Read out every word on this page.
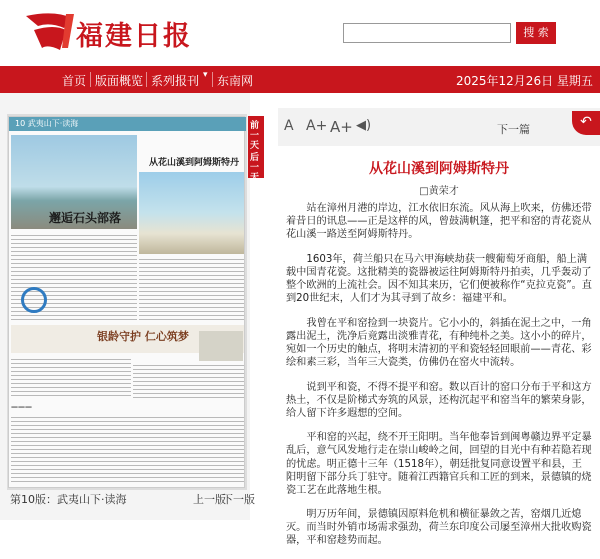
福建日报	搜 索
首页 版面概览 系列报刊 ▾ 东南网	2025年12月26日 星期五
10 武夷山下·读海
邂逅石头部落
从花山溪到阿姆斯特丹
银龄守护 仁心筑梦
———
前
一
天
后
一
天
第10版：武夷山下·读海	上一版
下一版
A A+ A+ ◀)	下一篇	↶
从花山溪到阿姆斯特丹
□黄荣才

站在漳州月港的岸边，江水依旧东流。风从海上吹来，仿佛还带着昔日的讯息——正是这样的风，曾鼓满帆篷，把平和窑的青花瓷从花山溪一路送至阿姆斯特丹。

1603年，荷兰船只在马六甲海峡劫获一艘葡萄牙商船，船上满载中国青花瓷。这批精美的瓷器被运往阿姆斯特丹拍卖，几乎轰动了整个欧洲的上流社会。因不知其来历，它们便被称作“克拉克瓷”。直到20世纪末，人们才为其寻到了故乡：福建平和。

我曾在平和窑捡到一块瓷片。它小小的，斜插在泥土之中，一角露出泥土，洗净后竟露出淡雅青花，有种纯朴之美。这小小的碎片，宛如一个历史的触点，将明末清初的平和瓷轻轻回眼前——青花、彩绘和素三彩，当年三大瓷类，仿佛仍在窑火中流转。

说到平和瓷，不得不提平和窑。数以百计的窑口分布于平和这方热土，不仅是阶梯式夯筑的风景，还构沉起平和窑当年的繁荣身影，给人留下许多遐想的空间。

平和窑的兴起，绕不开王阳明。当年他奉旨到闽粤赣边界平定暴乱后，意气风发地行走在崇山峻岭之间，回望的目光中有种若隐若现的忧虑。明正德十三年（1518年），朝廷批复同意设置平和县，王阳明留下部分兵丁驻守。随着江西籍官兵和工匠的到来，景德镇的烧瓷工艺在此落地生根。

明万历年间，景德镇因原料危机和横征暴敛之苦，窑烟几近熄灭。而当时外销市场需求强劲，荷兰东印度公司屡至漳州大批收购瓷器，平和窑趁势而起。
